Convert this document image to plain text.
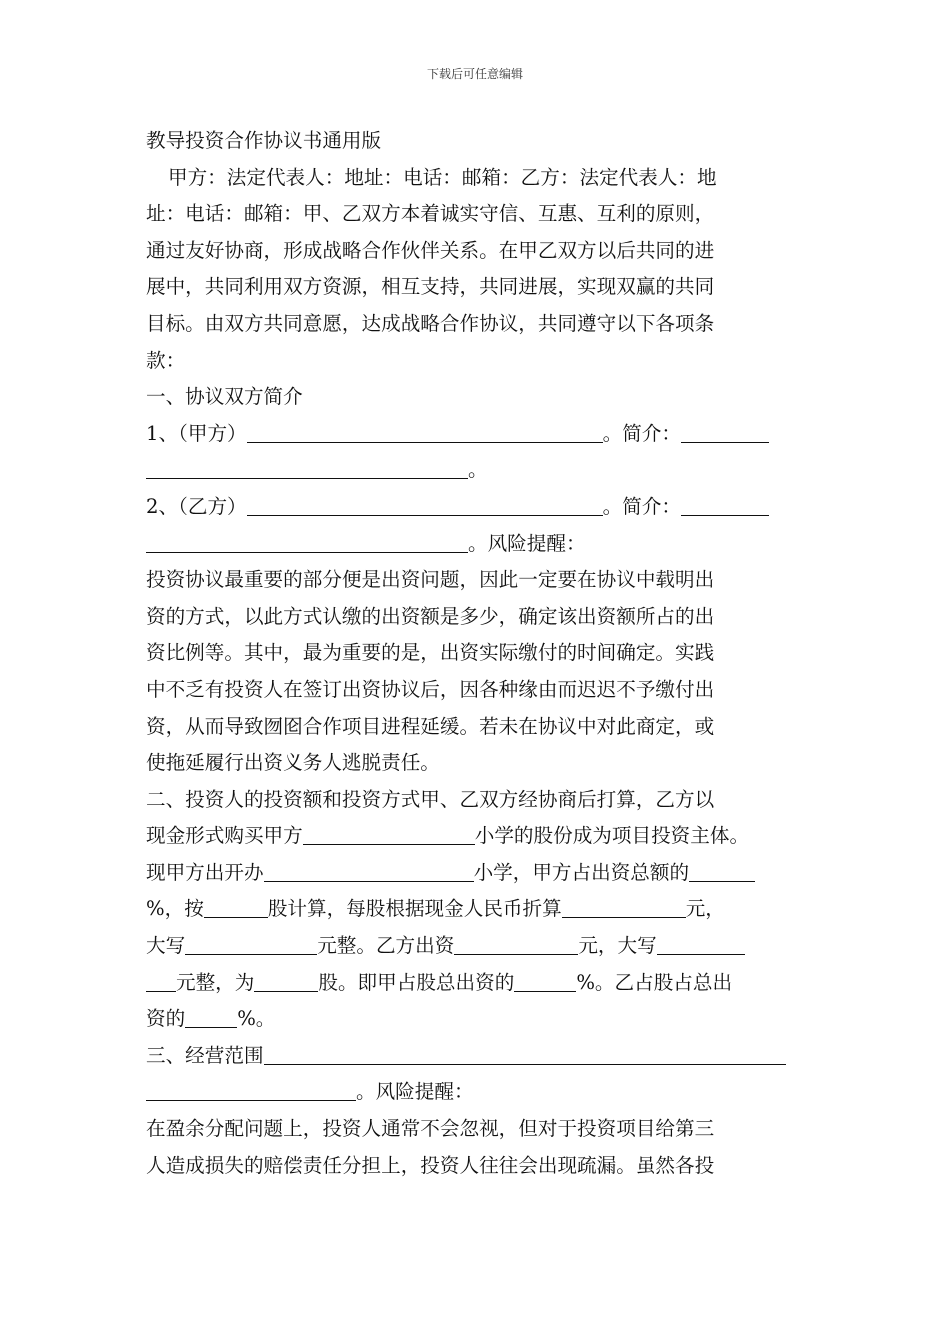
下载后可任意编辑
教导投资合作协议书通用版
甲方：法定代表人：地址：电话：邮箱：乙方：法定代表人：地
址：电话：邮箱：甲、乙双方本着诚实守信、互惠、互利的原则，
通过友好协商，形成战略合作伙伴关系。在甲乙双方以后共同的进
展中，共同利用双方资源，相互支持，共同进展，实现双赢的共同
目标。由双方共同意愿，达成战略合作协议，共同遵守以下各项条
款：
一、协议双方简介
1、（甲方）	。简介：
。
2、（乙方）	。简介：
。风险提醒：
投资协议最重要的部分便是出资问题，因此一定要在协议中载明出
资的方式，以此方式认缴的出资额是多少，确定该出资额所占的出
资比例等。其中，最为重要的是，出资实际缴付的时间确定。实践
中不乏有投资人在签订出资协议后，因各种缘由而迟迟不予缴付出
资，从而导致囫囵合作项目进程延缓。若未在协议中对此商定，或
使拖延履行出资义务人逃脱责任。
二、投资人的投资额和投资方式甲、乙双方经协商后打算，乙方以
现金形式购买甲方	小学的股份成为项目投资主体。
现甲方出开办	小学，甲方占出资总额的
%，按	股计算，每股根据现金人民币折算	元，
大写	元整。乙方出资	元，大写
元整，为	股。即甲占股总出资的	%。乙占股占总出
资的	%。
三、经营范围
。风险提醒：
在盈余分配问题上，投资人通常不会忽视，但对于投资项目给第三
人造成损失的赔偿责任分担上，投资人往往会出现疏漏。虽然各投
